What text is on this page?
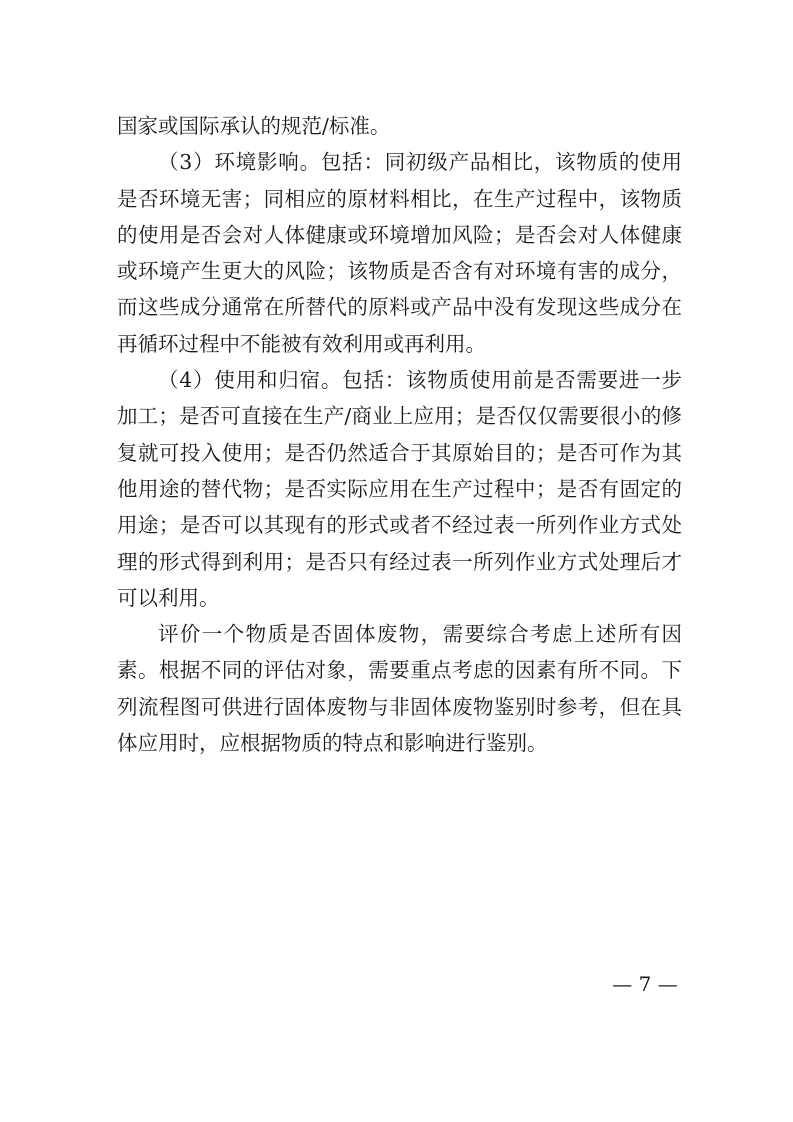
国家或国际承认的规范/标准。

（3）环境影响。包括：同初级产品相比，该物质的使用是否环境无害；同相应的原材料相比，在生产过程中，该物质的使用是否会对人体健康或环境增加风险；是否会对人体健康或环境产生更大的风险；该物质是否含有对环境有害的成分，而这些成分通常在所替代的原料或产品中没有发现这些成分在再循环过程中不能被有效利用或再利用。

（4）使用和归宿。包括：该物质使用前是否需要进一步加工；是否可直接在生产/商业上应用；是否仅仅需要很小的修复就可投入使用；是否仍然适合于其原始目的；是否可作为其他用途的替代物；是否实际应用在生产过程中；是否有固定的用途；是否可以其现有的形式或者不经过表一所列作业方式处理的形式得到利用；是否只有经过表一所列作业方式处理后才可以利用。

评价一个物质是否固体废物，需要综合考虑上述所有因素。根据不同的评估对象，需要重点考虑的因素有所不同。下列流程图可供进行固体废物与非固体废物鉴别时参考，但在具体应用时，应根据物质的特点和影响进行鉴别。

— 7 —
